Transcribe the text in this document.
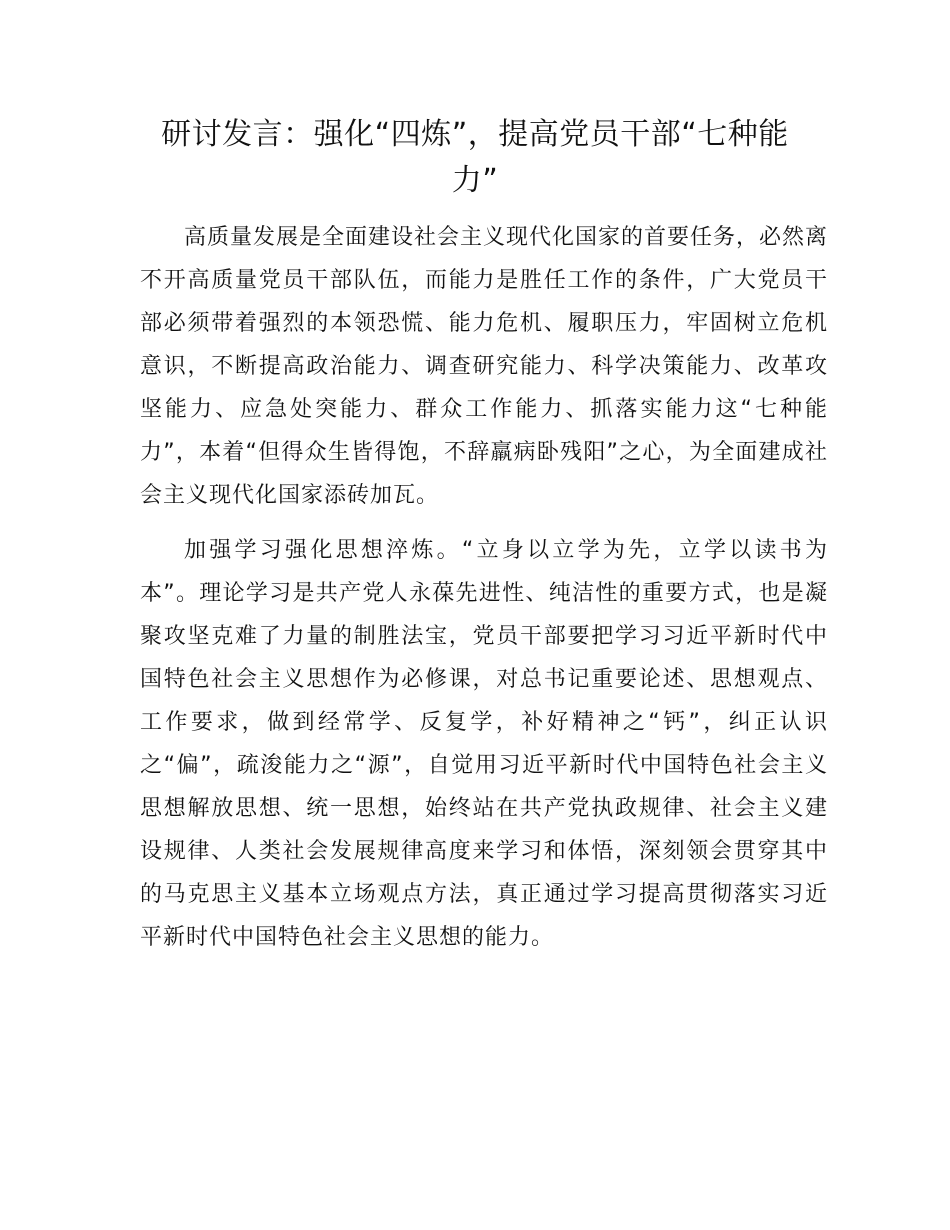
研讨发言：强化“四炼”，提高党员干部“七种能力”

高质量发展是全面建设社会主义现代化国家的首要任务，必然离不开高质量党员干部队伍，而能力是胜任工作的条件，广大党员干部必须带着强烈的本领恐慌、能力危机、履职压力，牢固树立危机意识，不断提高政治能力、调查研究能力、科学决策能力、改革攻坚能力、应急处突能力、群众工作能力、抓落实能力这“七种能力”，本着“但得众生皆得饱，不辞羸病卧残阳”之心，为全面建成社会主义现代化国家添砖加瓦。

加强学习强化思想淬炼。“立身以立学为先，立学以读书为本”。理论学习是共产党人永葆先进性、纯洁性的重要方式，也是凝聚攻坚克难了力量的制胜法宝，党员干部要把学习习近平新时代中国特色社会主义思想作为必修课，对总书记重要论述、思想观点、工作要求，做到经常学、反复学，补好精神之“钙”，纠正认识之“偏”，疏浚能力之“源”，自觉用习近平新时代中国特色社会主义思想解放思想、统一思想，始终站在共产党执政规律、社会主义建设规律、人类社会发展规律高度来学习和体悟，深刻领会贯穿其中的马克思主义基本立场观点方法，真正通过学习提高贯彻落实习近平新时代中国特色社会主义思想的能力。
